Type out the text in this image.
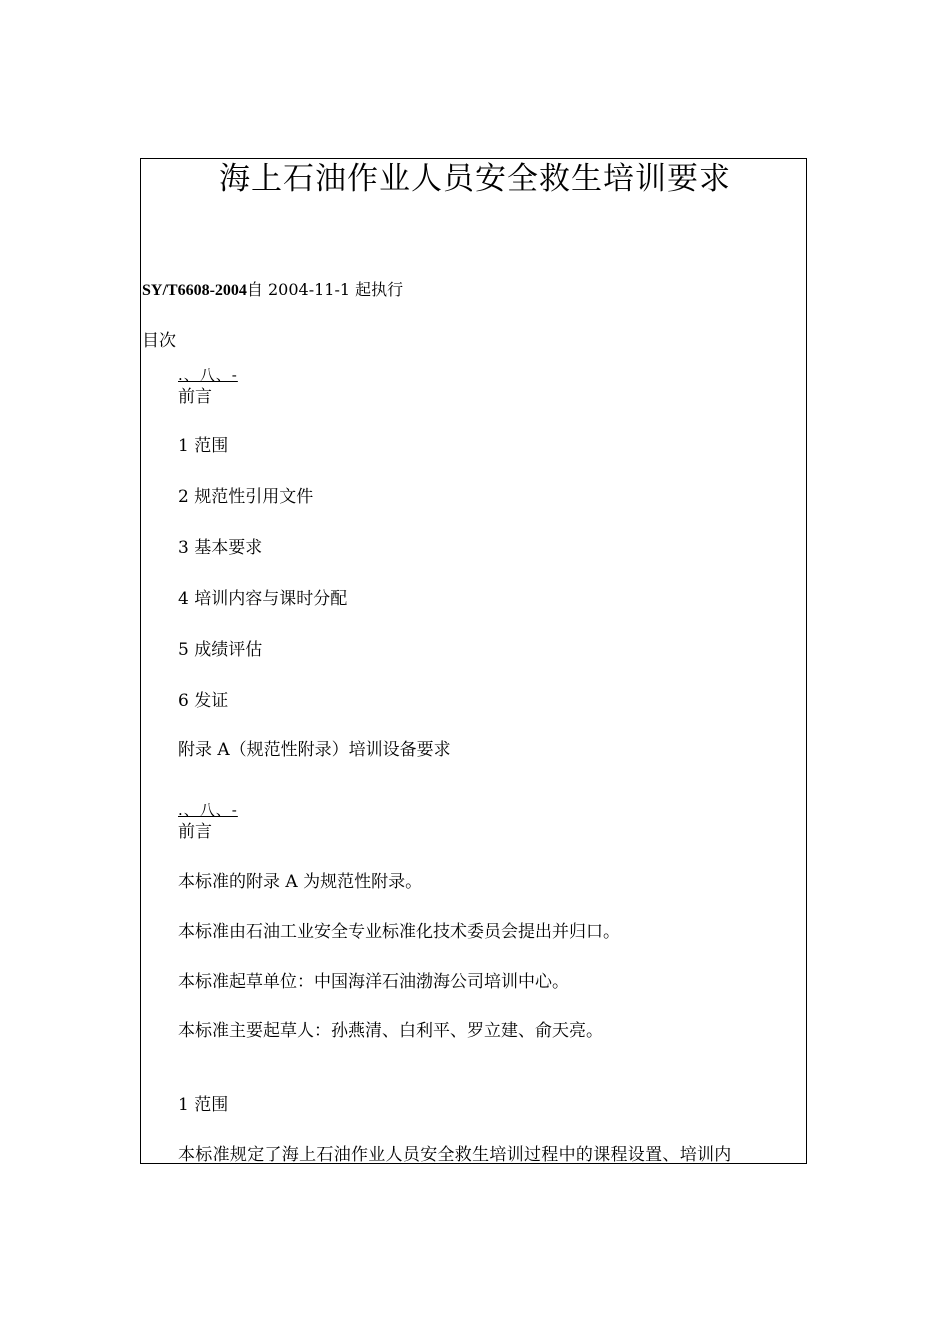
海上石油作业人员安全救生培训要求
SY/T6608-2004自 2004-11-1 起执行
目次
.、八、-
前言
1 范围
2 规范性引用文件
3 基本要求
4 培训内容与课时分配
5 成绩评估
6 发证
附录 A（规范性附录）培训设备要求
.、八、-
前言
本标准的附录 A 为规范性附录。
本标准由石油工业安全专业标准化技术委员会提出并归口。
本标准起草单位：中国海洋石油渤海公司培训中心。
本标准主要起草人：孙燕清、白利平、罗立建、俞天亮。
1 范围
本标准规定了海上石油作业人员安全救生培训过程中的课程设置、培训内
